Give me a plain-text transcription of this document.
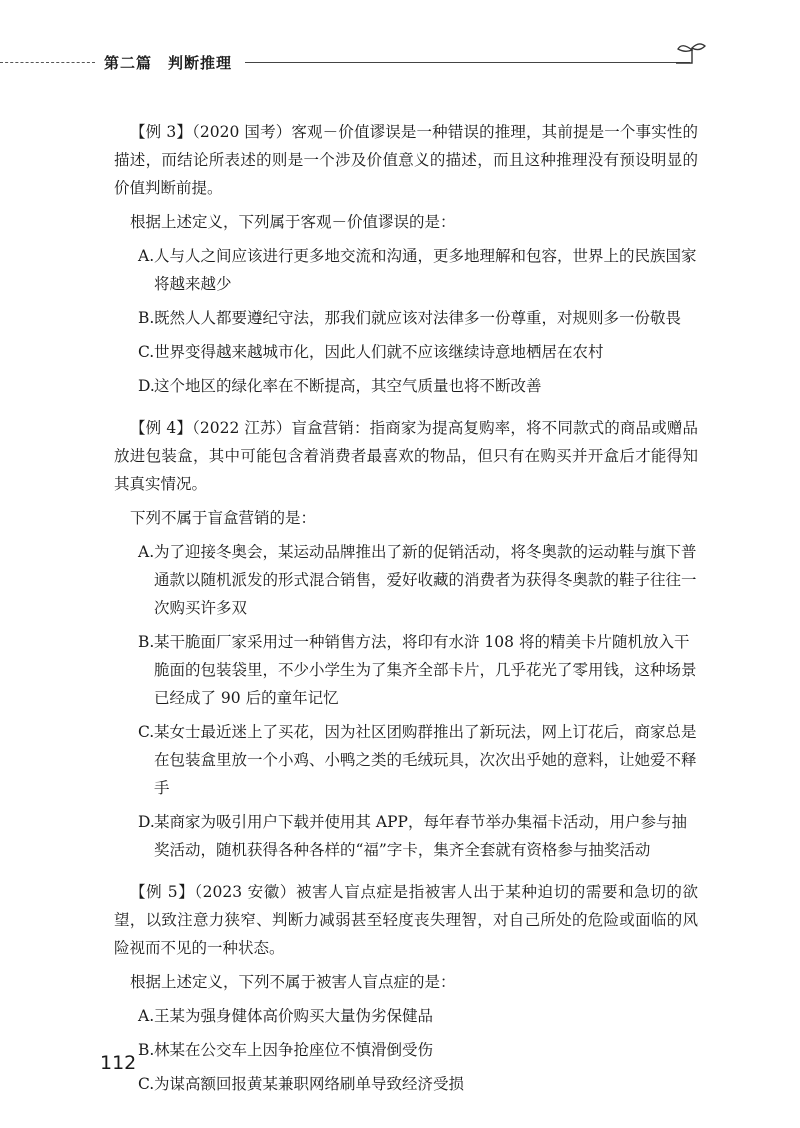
第二篇　判断推理

【例 3】（2020 国考）客观－价值谬误是一种错误的推理，其前提是一个事实性的描述，而结论所表述的则是一个涉及价值意义的描述，而且这种推理没有预设明显的价值判断前提。

根据上述定义，下列属于客观－价值谬误的是：

A. 人与人之间应该进行更多地交流和沟通，更多地理解和包容，世界上的民族国家将越来越少

B. 既然人人都要遵纪守法，那我们就应该对法律多一份尊重，对规则多一份敬畏

C. 世界变得越来越城市化，因此人们就不应该继续诗意地栖居在农村

D. 这个地区的绿化率在不断提高，其空气质量也将不断改善

【例 4】（2022 江苏）盲盒营销：指商家为提高复购率，将不同款式的商品或赠品放进包装盒，其中可能包含着消费者最喜欢的物品，但只有在购买并开盒后才能得知其真实情况。

下列不属于盲盒营销的是：

A. 为了迎接冬奥会，某运动品牌推出了新的促销活动，将冬奥款的运动鞋与旗下普通款以随机派发的形式混合销售，爱好收藏的消费者为获得冬奥款的鞋子往往一次购买许多双

B. 某干脆面厂家采用过一种销售方法，将印有水浒 108 将的精美卡片随机放入干脆面的包装袋里，不少小学生为了集齐全部卡片，几乎花光了零用钱，这种场景已经成了 90 后的童年记忆

C. 某女士最近迷上了买花，因为社区团购群推出了新玩法，网上订花后，商家总是在包装盒里放一个小鸡、小鸭之类的毛绒玩具，次次出乎她的意料，让她爱不释手

D. 某商家为吸引用户下载并使用其 APP，每年春节举办集福卡活动，用户参与抽奖活动，随机获得各种各样的“福”字卡，集齐全套就有资格参与抽奖活动

【例 5】（2023 安徽）被害人盲点症是指被害人出于某种迫切的需要和急切的欲望，以致注意力狭窄、判断力减弱甚至轻度丧失理智，对自己所处的危险或面临的风险视而不见的一种状态。

根据上述定义，下列不属于被害人盲点症的是：

A. 王某为强身健体高价购买大量伪劣保健品

B. 林某在公交车上因争抢座位不慎滑倒受伤

C. 为谋高额回报黄某兼职网络刷单导致经济受损

112
